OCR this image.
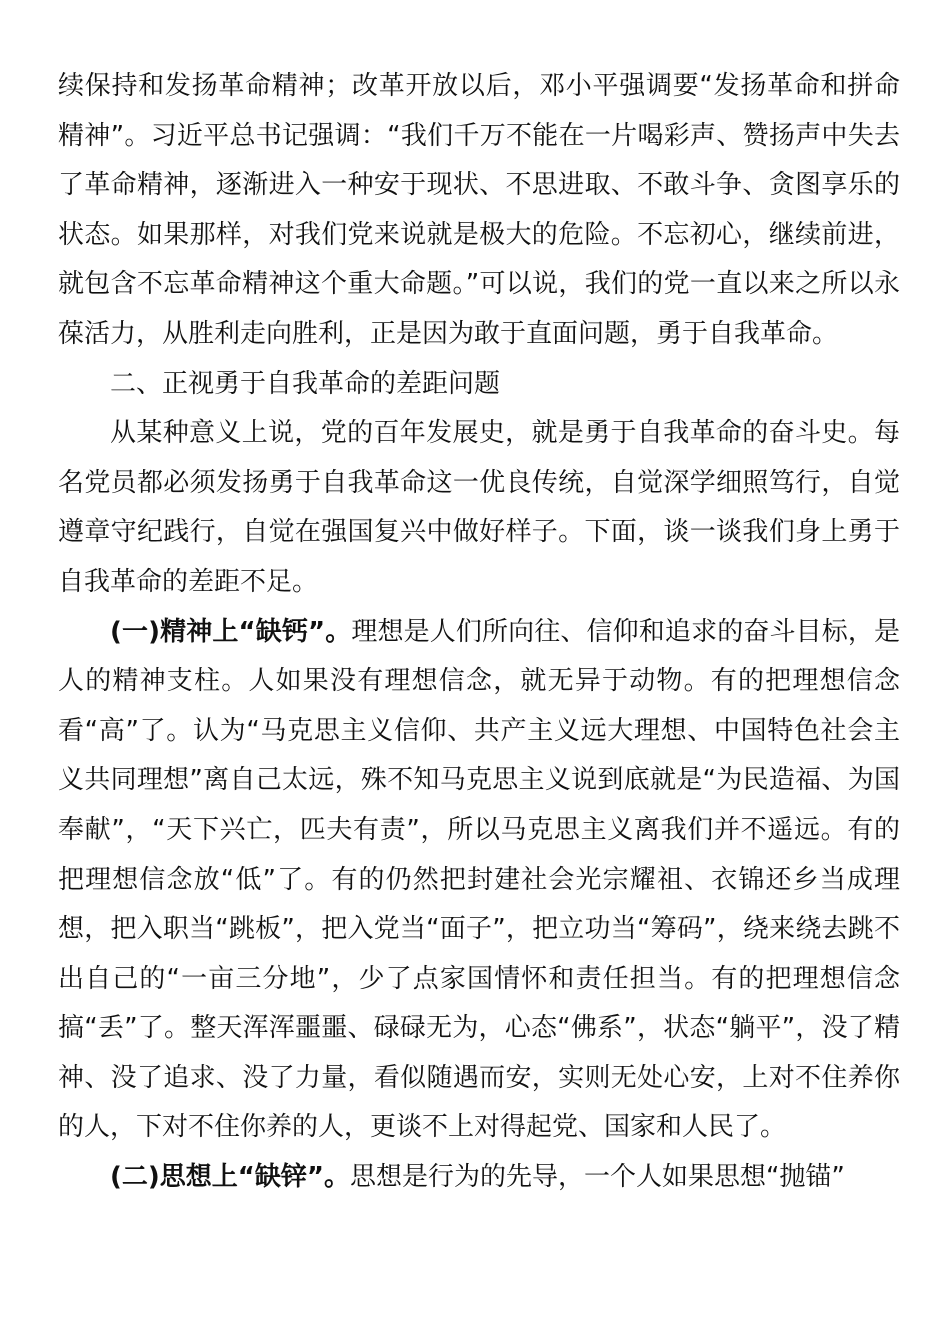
续保持和发扬革命精神；改革开放以后，邓小平强调要“发扬革命和拼命精神”。习近平总书记强调：“我们千万不能在一片喝彩声、赞扬声中失去了革命精神，逐渐进入一种安于现状、不思进取、不敢斗争、贪图享乐的状态。如果那样，对我们党来说就是极大的危险。不忘初心，继续前进，就包含不忘革命精神这个重大命题。”可以说，我们的党一直以来之所以永葆活力，从胜利走向胜利，正是因为敢于直面问题，勇于自我革命。

二、正视勇于自我革命的差距问题

从某种意义上说，党的百年发展史，就是勇于自我革命的奋斗史。每名党员都必须发扬勇于自我革命这一优良传统，自觉深学细照笃行，自觉遵章守纪践行，自觉在强国复兴中做好样子。下面，谈一谈我们身上勇于自我革命的差距不足。

(一)精神上“缺钙”。理想是人们所向往、信仰和追求的奋斗目标，是人的精神支柱。人如果没有理想信念，就无异于动物。有的把理想信念看“高”了。认为“马克思主义信仰、共产主义远大理想、中国特色社会主义共同理想”离自己太远，殊不知马克思主义说到底就是“为民造福、为国奉献”，“天下兴亡，匹夫有责”，所以马克思主义离我们并不遥远。有的把理想信念放“低”了。有的仍然把封建社会光宗耀祖、衣锦还乡当成理想，把入职当“跳板”，把入党当“面子”，把立功当“筹码”，绕来绕去跳不出自己的“一亩三分地”，少了点家国情怀和责任担当。有的把理想信念搞“丢”了。整天浑浑噩噩、碌碌无为，心态“佛系”，状态“躺平”，没了精神、没了追求、没了力量，看似随遇而安，实则无处心安，上对不住养你的人，下对不住你养的人，更谈不上对得起党、国家和人民了。

(二)思想上“缺锌”。思想是行为的先导，一个人如果思想“抛锚”
